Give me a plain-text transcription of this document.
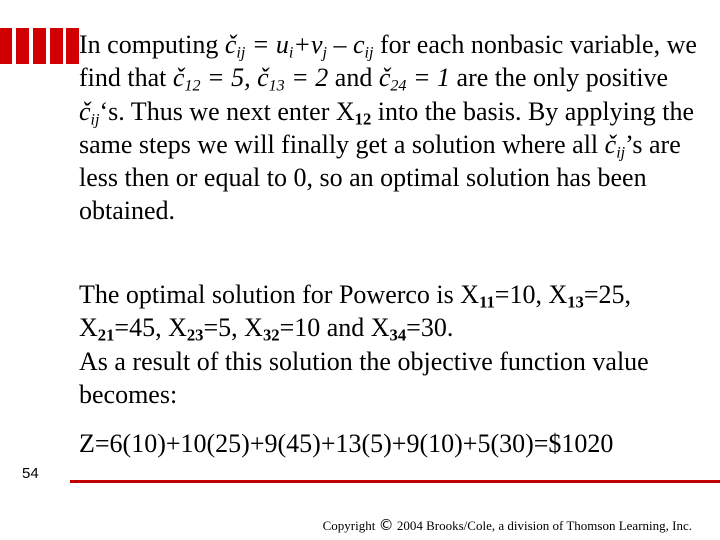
In computing $č_{ij} = u_i+v_j - c_{ij}$ for each nonbasic variable, we find that $č_{12} = 5$, $č_{13} = 2$ and $č_{24} = 1$ are the only positive $č_{ij}‘s$. Thus we next enter X12 into the basis. By applying the same steps we will finally get a solution where all $č_{ij}’s$ are less then or equal to 0, so an optimal solution has been obtained.

The optimal solution for Powerco is X11=10, X13=25, X21=45, X23=5, X32=10 and X34=30.
As a result of this solution the objective function value becomes:

Z=6(10)+10(25)+9(45)+13(5)+9(10)+5(30)=$1020

54
Copyright © 2004 Brooks/Cole, a division of Thomson Learning, Inc.
